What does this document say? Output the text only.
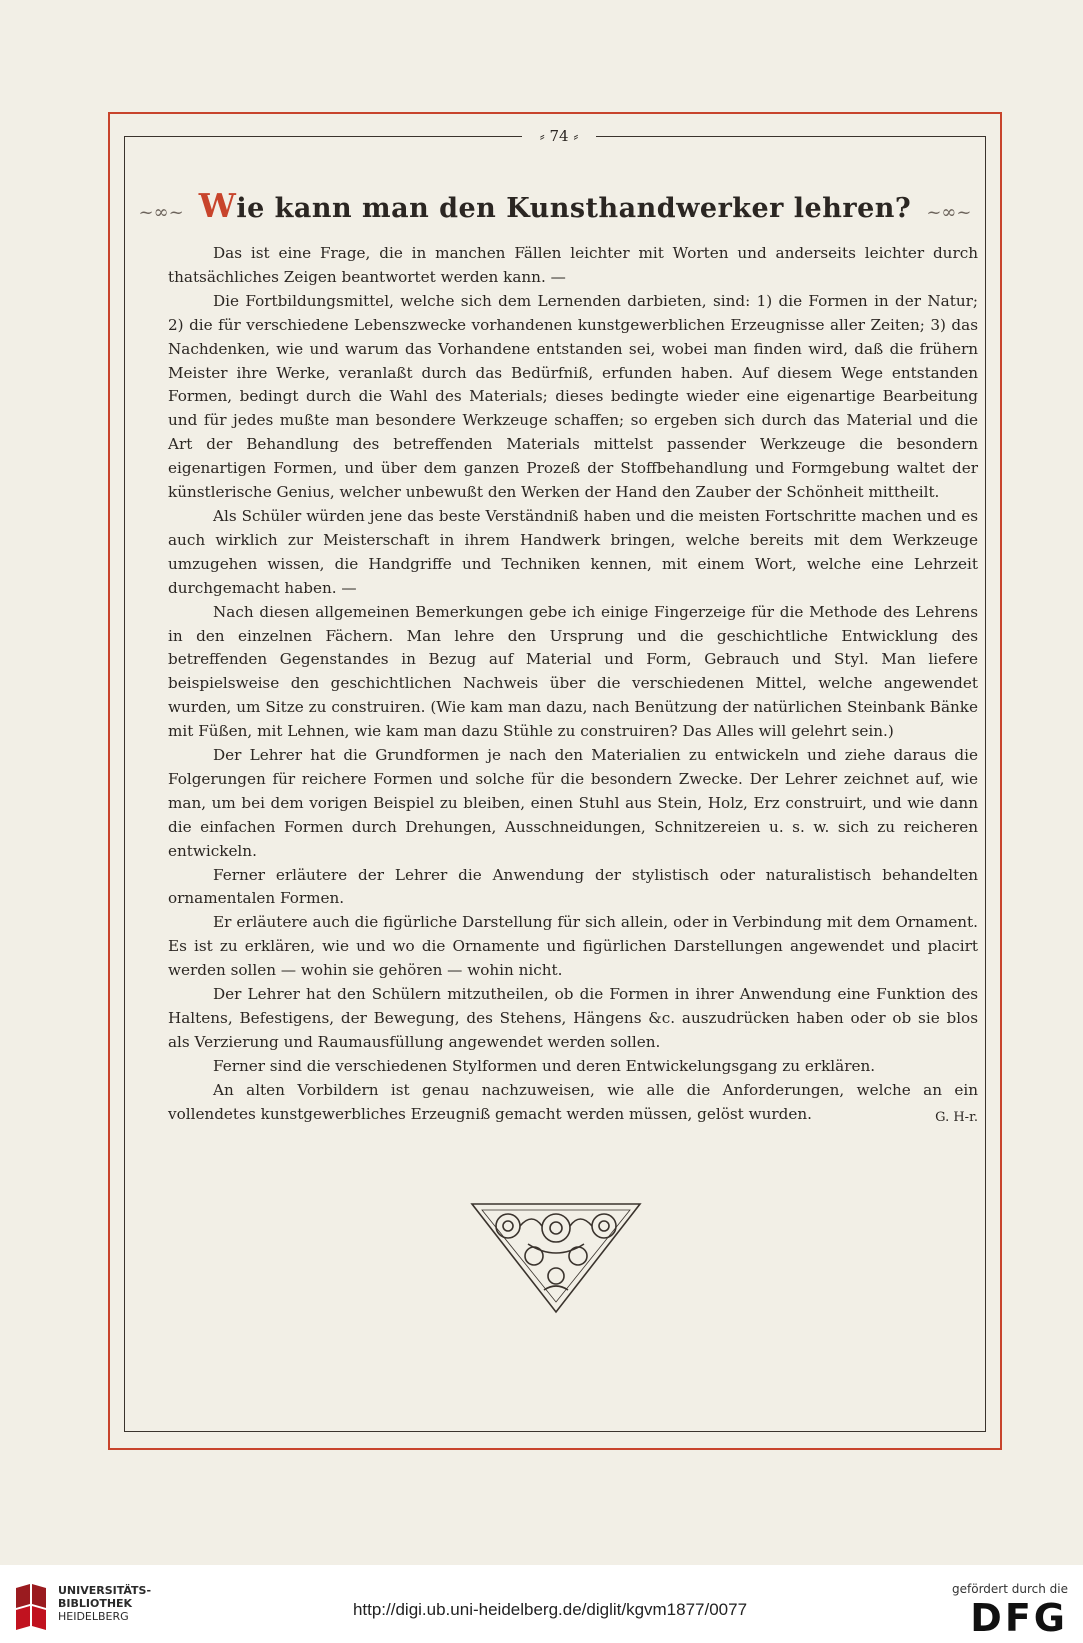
⸗ 74 ⸗
~∞~ Wie kann man den Kunsthandwerker lehren? ~∞~

Das ist eine Frage, die in manchen Fällen leichter mit Worten und anderseits leichter durch thatsächliches Zeigen beantwortet werden kann. —

Die Fortbildungsmittel, welche sich dem Lernenden darbieten, sind: 1) die Formen in der Natur; 2) die für verschiedene Lebenszwecke vorhandenen kunstgewerblichen Erzeugnisse aller Zeiten; 3) das Nachdenken, wie und warum das Vorhandene entstanden sei, wobei man finden wird, daß die frühern Meister ihre Werke, veranlaßt durch das Bedürfniß, erfunden haben. Auf diesem Wege entstanden Formen, bedingt durch die Wahl des Materials; dieses bedingte wieder eine eigenartige Bearbeitung und für jedes mußte man besondere Werkzeuge schaffen; so ergeben sich durch das Material und die Art der Behandlung des betreffenden Materials mittelst passender Werkzeuge die besondern eigenartigen Formen, und über dem ganzen Prozeß der Stoffbehandlung und Formgebung waltet der künstlerische Genius, welcher unbewußt den Werken der Hand den Zauber der Schönheit mittheilt.

Als Schüler würden jene das beste Verständniß haben und die meisten Fortschritte machen und es auch wirklich zur Meisterschaft in ihrem Handwerk bringen, welche bereits mit dem Werkzeuge umzugehen wissen, die Handgriffe und Techniken kennen, mit einem Wort, welche eine Lehrzeit durchgemacht haben. —

Nach diesen allgemeinen Bemerkungen gebe ich einige Fingerzeige für die Methode des Lehrens in den einzelnen Fächern. Man lehre den Ursprung und die geschichtliche Entwicklung des betreffenden Gegenstandes in Bezug auf Material und Form, Gebrauch und Styl. Man liefere beispielsweise den geschichtlichen Nachweis über die verschiedenen Mittel, welche angewendet wurden, um Sitze zu construiren. (Wie kam man dazu, nach Benützung der natürlichen Steinbank Bänke mit Füßen, mit Lehnen, wie kam man dazu Stühle zu construiren? Das Alles will gelehrt sein.)

Der Lehrer hat die Grundformen je nach den Materialien zu entwickeln und ziehe daraus die Folgerungen für reichere Formen und solche für die besondern Zwecke. Der Lehrer zeichnet auf, wie man, um bei dem vorigen Beispiel zu bleiben, einen Stuhl aus Stein, Holz, Erz construirt, und wie dann die einfachen Formen durch Drehungen, Ausschneidungen, Schnitzereien u. s. w. sich zu reicheren entwickeln.

Ferner erläutere der Lehrer die Anwendung der stylistisch oder naturalistisch behandelten ornamentalen Formen.

Er erläutere auch die figürliche Darstellung für sich allein, oder in Verbindung mit dem Ornament. Es ist zu erklären, wie und wo die Ornamente und figürlichen Darstellungen angewendet und placirt werden sollen — wohin sie gehören — wohin nicht.

Der Lehrer hat den Schülern mitzutheilen, ob die Formen in ihrer Anwendung eine Funktion des Haltens, Befestigens, der Bewegung, des Stehens, Hängens &c. auszudrücken haben oder ob sie blos als Verzierung und Raumausfüllung angewendet werden sollen.

Ferner sind die verschiedenen Stylformen und deren Entwickelungsgang zu erklären.

An alten Vorbildern ist genau nachzuweisen, wie alle die Anforderungen, welche an ein vollendetes kunstgewerbliches Erzeugniß gemacht werden müssen, gelöst wurden.	G. H-r.

UNIVERSITÄTS-
BIBLIOTHEK
HEIDELBERG	http://digi.ub.uni-heidelberg.de/diglit/kgvm1877/0077
gefördert durch die
DFG
